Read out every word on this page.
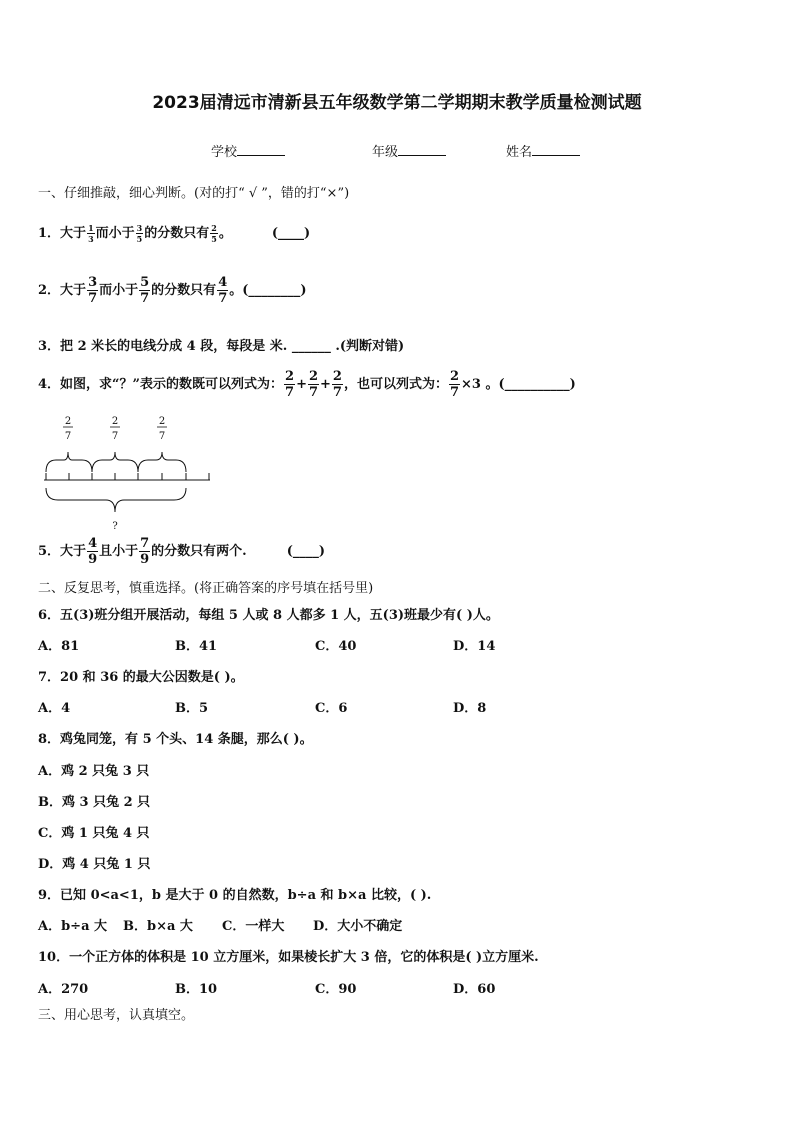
2023届清远市清新县五年级数学第二学期期末教学质量检测试题
学校	年级	姓名
一、仔细推敲，细心判断。(对的打“ √ ”，错的打“×”)
1．大于 $\frac{1}{3}$ 而小于 $\frac{3}{5}$ 的分数只有 $\frac{2}{5}$ 。	(____)
2．大于 $\frac{3}{7}$ 而小于 $\frac{5}{7}$ 的分数只有 $\frac{4}{7}$ 。(________)
3．把 2 米长的电线分成 4 段，每段是 米. ______ .(判断对错)
4．如图，求“？”表示的数既可以列式为： $\frac{2}{7} + \frac{2}{7} + \frac{2}{7}$ ，也可以列式为： $\frac{2}{7} \times 3$ 。(__________)
2
7
2
7
2
7
?
5．大于 $\frac{4}{9}$ 且小于 $\frac{7}{9}$ 的分数只有两个.	(____)
二、反复思考，慎重选择。(将正确答案的序号填在括号里)
6．五(3)班分组开展活动，每组 5 人或 8 人都多 1 人，五(3)班最少有( )人。
A．81	B．41	C．40	D．14
7．20 和 36 的最大公因数是( )。
A．4	B．5	C．6	D．8
8．鸡兔同笼，有 5 个头、14 条腿，那么( )。
A．鸡 2 只兔 3 只
B．鸡 3 只兔 2 只
C．鸡 1 只兔 4 只
D．鸡 4 只兔 1 只
9．已知 0<a<1，b 是大于 0 的自然数，b÷a 和 b×a 比较，( ).
A．b÷a 大 B．b×a 大 C．一样大 D．大小不确定
10．一个正方体的体积是 10 立方厘米，如果棱长扩大 3 倍，它的体积是( )立方厘米.
A．270	B．10	C．90	D．60
三、用心思考，认真填空。
